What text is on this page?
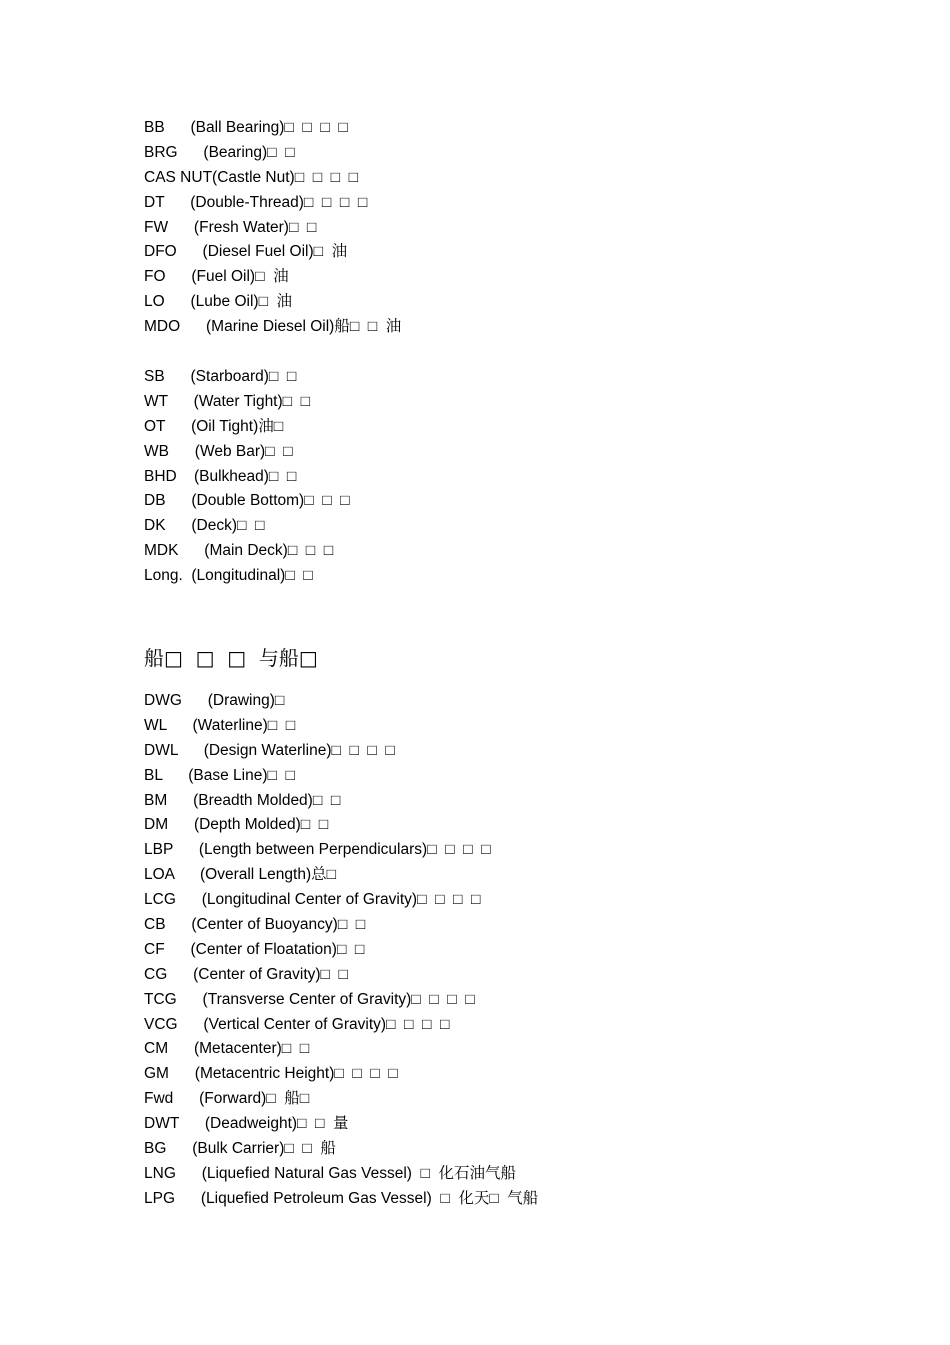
BB      (Ball Bearing)□  □  □  □
BRG      (Bearing)□  □
CAS NUT(Castle Nut)□  □  □  □
DT      (Double-Thread)□  □  □  □
FW      (Fresh Water)□  □
DFO      (Diesel Fuel Oil)□  油
FO      (Fuel Oil)□  油
LO      (Lube Oil)□  油
MDO      (Marine Diesel Oil)船□  □  油
SB      (Starboard)□  □
WT      (Water Tight)□  □
OT      (Oil Tight)油□
WB      (Web Bar)□  □
BHD    (Bulkhead)□  □
DB      (Double Bottom)□  □  □
DK      (Deck)□  □
MDK      (Main Deck)□  □  □
Long.  (Longitudinal)□  □
船□  □  □  与船□
DWG      (Drawing)□
WL      (Waterline)□  □
DWL      (Design Waterline)□  □  □  □
BL      (Base Line)□  □
BM      (Breadth Molded)□  □
DM      (Depth Molded)□  □
LBP      (Length between Perpendiculars)□  □  □  □
LOA      (Overall Length)总□
LCG      (Longitudinal Center of Gravity)□  □  □  □
CB      (Center of Buoyancy)□  □
CF      (Center of Floatation)□  □
CG      (Center of Gravity)□  □
TCG      (Transverse Center of Gravity)□  □  □  □
VCG      (Vertical Center of Gravity)□  □  □  □
CM      (Metacenter)□  □
GM      (Metacentric Height)□  □  □  □
Fwd      (Forward)□  船□
DWT      (Deadweight)□  □  量
BG      (Bulk Carrier)□  □  船
LNG      (Liquefied Natural Gas Vessel)  □  化石油气船
LPG      (Liquefied Petroleum Gas Vessel)  □  化天□  气船
